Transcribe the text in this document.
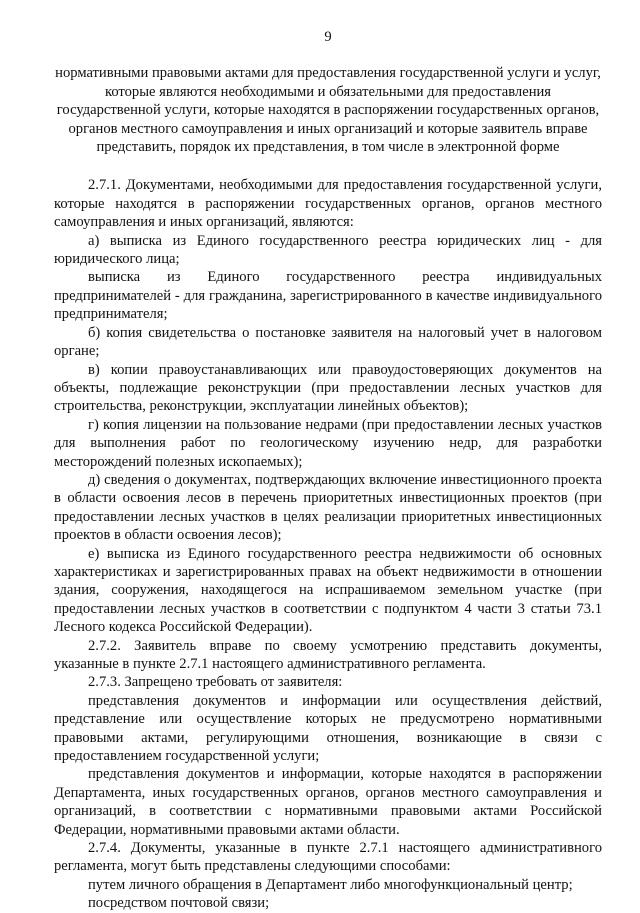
9
нормативными правовыми актами для предоставления государственной услуги и услуг, которые являются необходимыми и обязательными для предоставления государственной услуги, которые находятся в распоряжении государственных органов, органов местного самоуправления и иных организаций и которые заявитель вправе представить, порядок их представления, в том числе в электронной форме

2.7.1. Документами, необходимыми для предоставления государственной услуги, которые находятся в распоряжении государственных органов, органов местного самоуправления и иных организаций, являются:

а) выписка из Единого государственного реестра юридических лиц - для юридического лица;

выписка из Единого государственного реестра индивидуальных предпринимателей - для гражданина, зарегистрированного в качестве индивидуального предпринимателя;

б) копия свидетельства о постановке заявителя на налоговый учет в налоговом органе;

в) копии правоустанавливающих или правоудостоверяющих документов на объекты, подлежащие реконструкции (при предоставлении лесных участков для строительства, реконструкции, эксплуатации линейных объектов);

г) копия лицензии на пользование недрами (при предоставлении лесных участков для выполнения работ по геологическому изучению недр, для разработки месторождений полезных ископаемых);

д) сведения о документах, подтверждающих включение инвестиционного проекта в области освоения лесов в перечень приоритетных инвестиционных проектов (при предоставлении лесных участков в целях реализации приоритетных инвестиционных проектов в области освоения лесов);

е) выписка из Единого государственного реестра недвижимости об основных характеристиках и зарегистрированных правах на объект недвижимости в отношении здания, сооружения, находящегося на испрашиваемом земельном участке (при предоставлении лесных участков в соответствии с подпунктом 4 части 3 статьи 73.1 Лесного кодекса Российской Федерации).

2.7.2. Заявитель вправе по своему усмотрению представить документы, указанные в пункте 2.7.1 настоящего административного регламента.

2.7.3. Запрещено требовать от заявителя:

представления документов и информации или осуществления действий, представление или осуществление которых не предусмотрено нормативными правовыми актами, регулирующими отношения, возникающие в связи с предоставлением государственной услуги;

представления документов и информации, которые находятся в распоряжении Департамента, иных государственных органов, органов местного самоуправления и организаций, в соответствии с нормативными правовыми актами Российской Федерации, нормативными правовыми актами области.

2.7.4. Документы, указанные в пункте 2.7.1 настоящего административного регламента, могут быть представлены следующими способами:

путем личного обращения в Департамент либо многофункциональный центр;

посредством почтовой связи;
